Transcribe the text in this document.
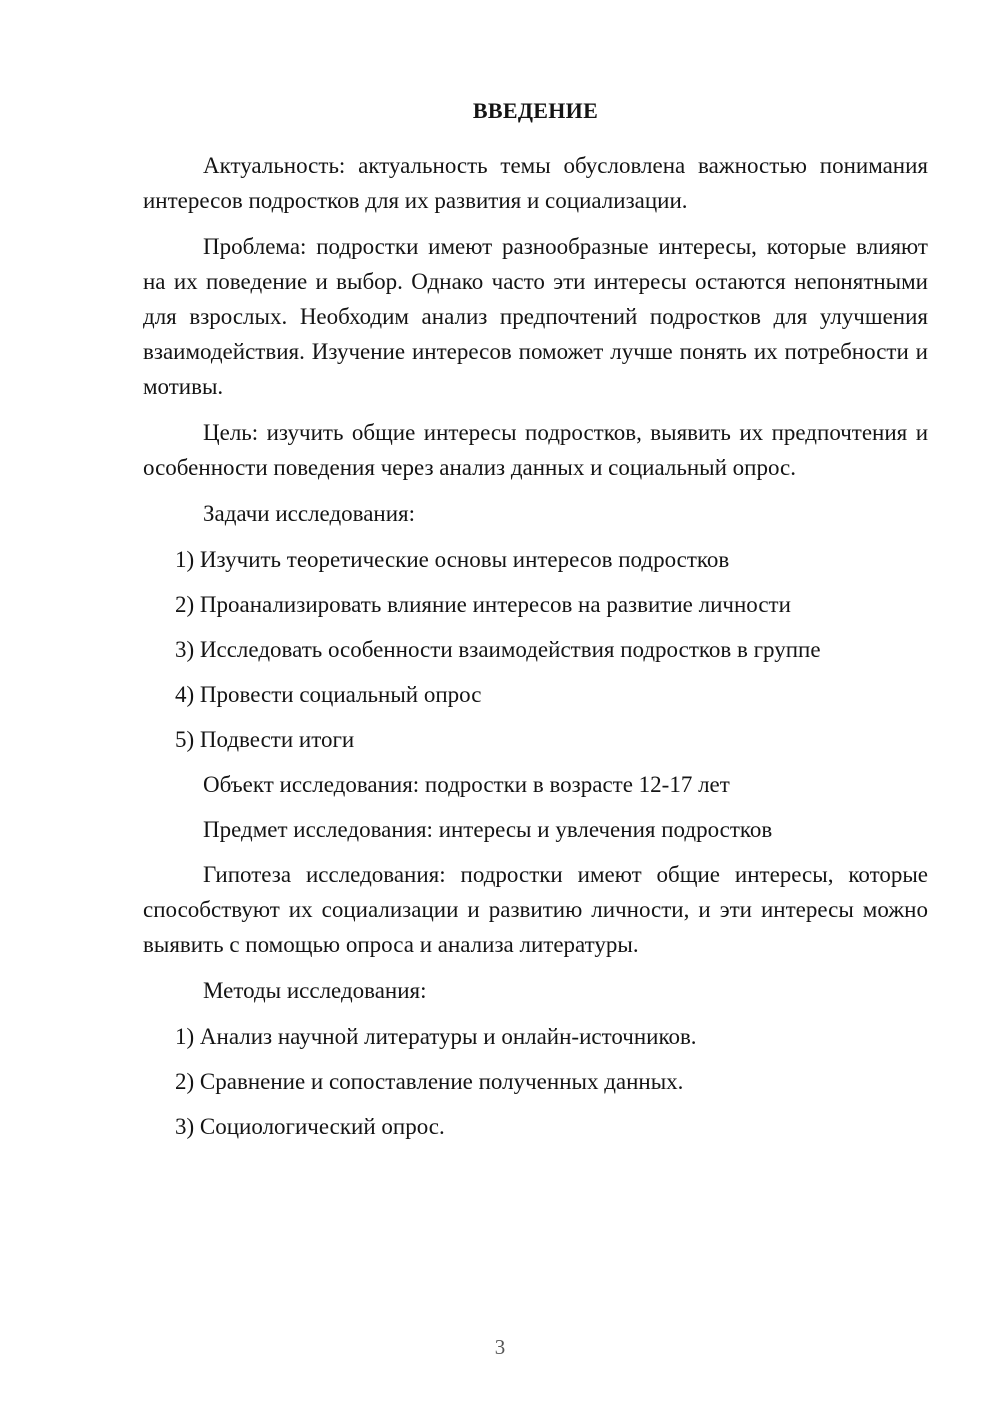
ВВЕДЕНИЕ

Актуальность: актуальность темы обусловлена важностью понимания интересов подростков для их развития и социализации.

Проблема: подростки имеют разнообразные интересы, которые влияют на их поведение и выбор. Однако часто эти интересы остаются непонятными для взрослых. Необходим анализ предпочтений подростков для улучшения взаимодействия. Изучение интересов поможет лучше понять их потребности и мотивы.

Цель: изучить общие интересы подростков, выявить их предпочтения и особенности поведения через анализ данных и социальный опрос.

Задачи исследования:

1) Изучить теоретические основы интересов подростков
2) Проанализировать влияние интересов на развитие личности
3) Исследовать особенности взаимодействия подростков в группе
4) Провести социальный опрос
5) Подвести итоги

Объект исследования: подростки в возрасте 12-17 лет

Предмет исследования: интересы и увлечения подростков

Гипотеза исследования: подростки имеют общие интересы, которые способствуют их социализации и развитию личности, и эти интересы можно выявить с помощью опроса и анализа литературы.

Методы исследования:

1) Анализ научной литературы и онлайн-источников.
2) Сравнение и сопоставление полученных данных.
3) Социологический опрос.
3
